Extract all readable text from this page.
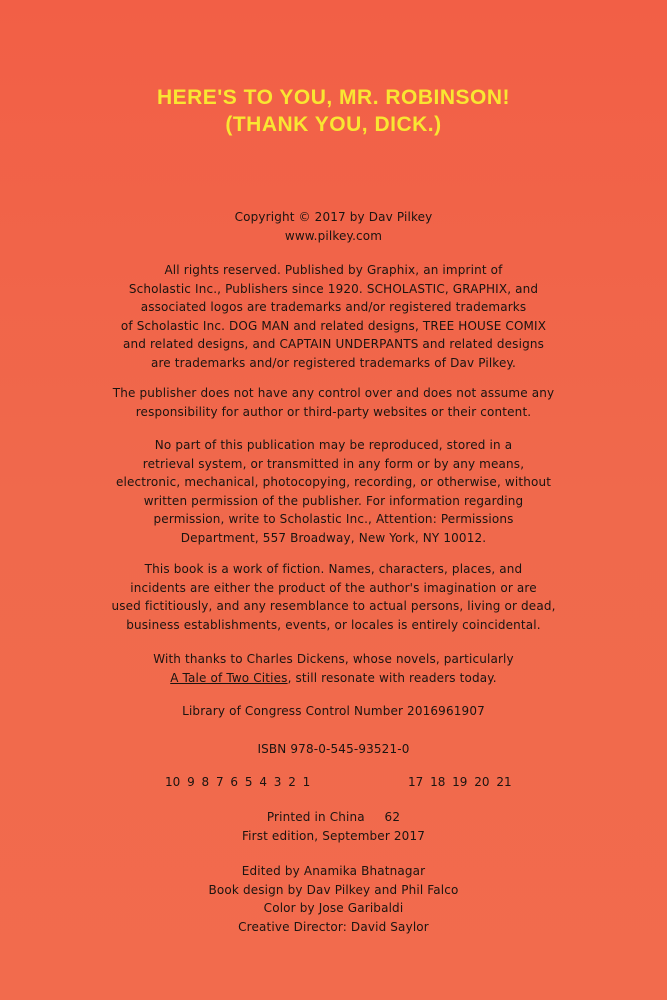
HERE'S TO YOU, MR. ROBINSON!
(THANK YOU, DICK.)
Copyright © 2017 by Dav Pilkey
www.pilkey.com
All rights reserved. Published by Graphix, an imprint of
Scholastic Inc., Publishers since 1920. SCHOLASTIC, GRAPHIX, and
associated logos are trademarks and/or registered trademarks
of Scholastic Inc. DOG MAN and related designs, TREE HOUSE COMIX
and related designs, and CAPTAIN UNDERPANTS and related designs
are trademarks and/or registered trademarks of Dav Pilkey.
The publisher does not have any control over and does not assume any
responsibility for author or third-party websites or their content.
No part of this publication may be reproduced, stored in a
retrieval system, or transmitted in any form or by any means,
electronic, mechanical, photocopying, recording, or otherwise, without
written permission of the publisher. For information regarding
permission, write to Scholastic Inc., Attention: Permissions
Department, 557 Broadway, New York, NY 10012.
This book is a work of fiction. Names, characters, places, and
incidents are either the product of the author's imagination or are
used fictitiously, and any resemblance to actual persons, living or dead,
business establishments, events, or locales is entirely coincidental.
With thanks to Charles Dickens, whose novels, particularly
A Tale of Two Cities, still resonate with readers today.
Library of Congress Control Number 2016961907
ISBN 978-0-545-93521-0
10 9 8 7 6 5 4 3 2 1	17 18 19 20 21
Printed in China     62
First edition, September 2017
Edited by Anamika Bhatnagar
Book design by Dav Pilkey and Phil Falco
Color by Jose Garibaldi
Creative Director: David Saylor
